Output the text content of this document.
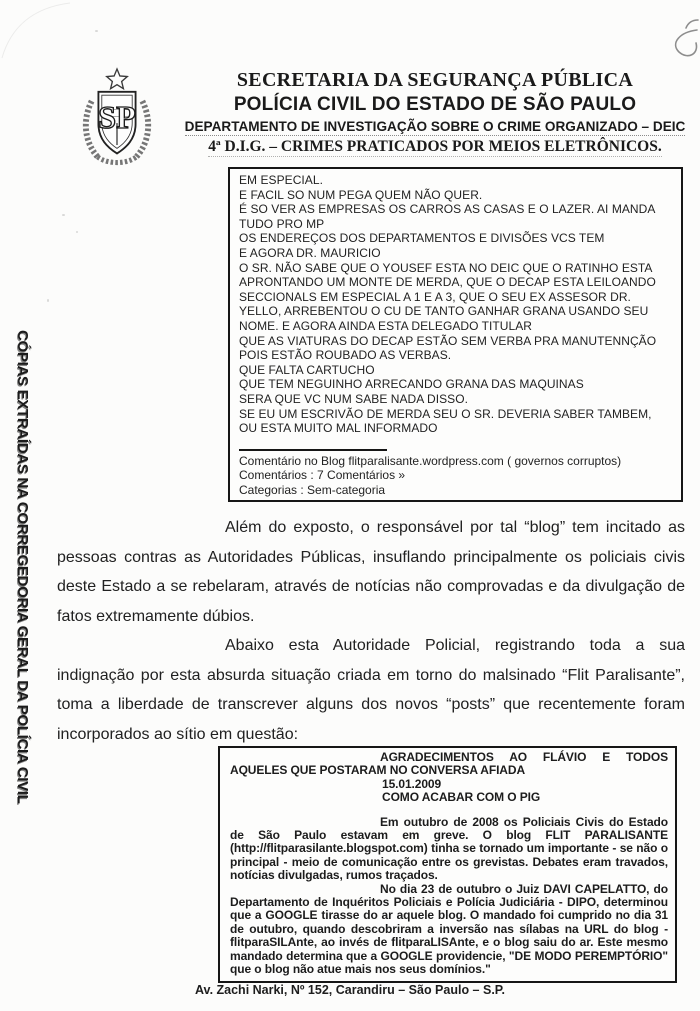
CÓPIAS EXTRAÍDAS NA CORREGEDORIA GERAL DA POLÍCIA CIVIL
SP
SECRETARIA DA SEGURANÇA PÚBLICA
POLÍCIA CIVIL DO ESTADO DE SÃO PAULO
DEPARTAMENTO DE INVESTIGAÇÃO SOBRE O CRIME ORGANIZADO – DEIC
4ª D.I.G. – CRIMES PRATICADOS POR MEIOS ELETRÔNICOS.
EM ESPECIAL.
E FACIL SO NUM PEGA QUEM NÃO QUER.
É SO VER AS EMPRESAS OS CARROS AS CASAS E O LAZER. AI MANDA
TUDO PRO MP
OS ENDEREÇOS DOS DEPARTAMENTOS E DIVISÕES VCS TEM
E AGORA DR. MAURICIO
O SR. NÃO SABE QUE O YOUSEF ESTA NO DEIC QUE O RATINHO ESTA
APRONTANDO UM MONTE DE MERDA, QUE O DECAP ESTA LEILOANDO
SECCIONALS EM ESPECIAL A 1 E A 3, QUE O SEU EX ASSESOR DR.
YELLO, ARREBENTOU O CU DE TANTO GANHAR GRANA USANDO SEU
NOME. E AGORA AINDA ESTA DELEGADO TITULAR
QUE AS VIATURAS DO DECAP ESTÃO SEM VERBA PRA MANUTENNÇÃO
POIS ESTÃO ROUBADO AS VERBAS.
QUE FALTA CARTUCHO
QUE TEM NEGUINHO ARRECANDO GRANA DAS MAQUINAS
SERA QUE VC NUM SABE NADA DISSO.
SE EU UM ESCRIVÃO DE MERDA SEU O SR. DEVERIA SABER TAMBEM,
OU ESTA MUITO MAL INFORMADO
Comentário no Blog flitparalisante.wordpress.com ( governos corruptos)
Comentários : 7 Comentários »
Categorias : Sem-categoria

Além do exposto, o responsável por tal “blog” tem incitado as pessoas contras as Autoridades Públicas, insuflando principalmente os policiais civis deste Estado a se rebelaram, através de notícias não comprovadas e da divulgação de fatos extremamente dúbios.

Abaixo esta Autoridade Policial, registrando toda a sua indignação por esta absurda situação criada em torno do malsinado “Flit Paralisante”, toma a liberdade de transcrever alguns dos novos “posts” que recentemente foram incorporados ao sítio em questão:

AGRADECIMENTOS AO FLÁVIO E TODOS AQUELES QUE POSTARAM NO CONVERSA AFIADA

15.01.2009

COMO ACABAR COM O PIG

Em outubro de 2008 os Policiais Civis do Estado de São Paulo estavam em greve. O blog FLIT PARALISANTE (http://flitparasilante.blogspot.com) tinha se tornado um importante - se não o principal - meio de comunicação entre os grevistas. Debates eram travados, notícias divulgadas, rumos traçados.

No dia 23 de outubro o Juiz DAVI CAPELATTO, do Departamento de Inquéritos Policiais e Polícia Judiciária - DIPO, determinou que a GOOGLE tirasse do ar aquele blog. O mandado foi cumprido no dia 31 de outubro, quando descobriram a inversão nas sílabas na URL do blog - flitparaSILAnte, ao invés de flitparaLISAnte, e o blog saiu do ar. Este mesmo mandado determina que a GOOGLE providencie, "DE MODO PEREMPTÓRIO" que o blog não atue mais nos seus domínios."

Av. Zachi Narki, Nº 152, Carandiru – São Paulo – S.P.
